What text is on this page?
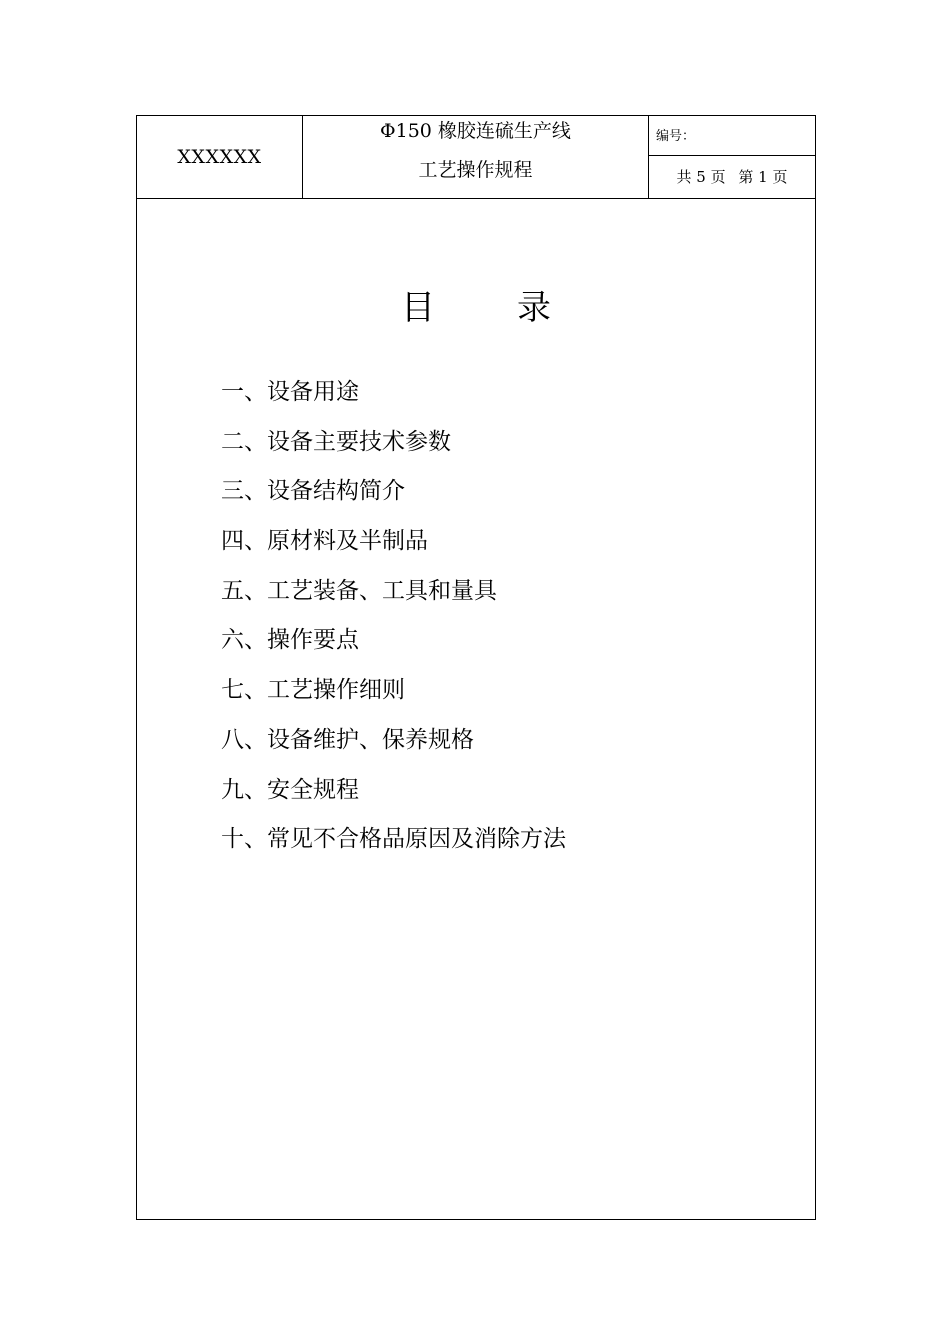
XXXXXX
Φ150 橡胶连硫生产线
工艺操作规程
编号：
共 5 页 第 1 页
目 录
一、设备用途
二、设备主要技术参数
三、设备结构简介
四、原材料及半制品
五、工艺装备、工具和量具
六、操作要点
七、工艺操作细则
八、设备维护、保养规格
九、安全规程
十、常见不合格品原因及消除方法
